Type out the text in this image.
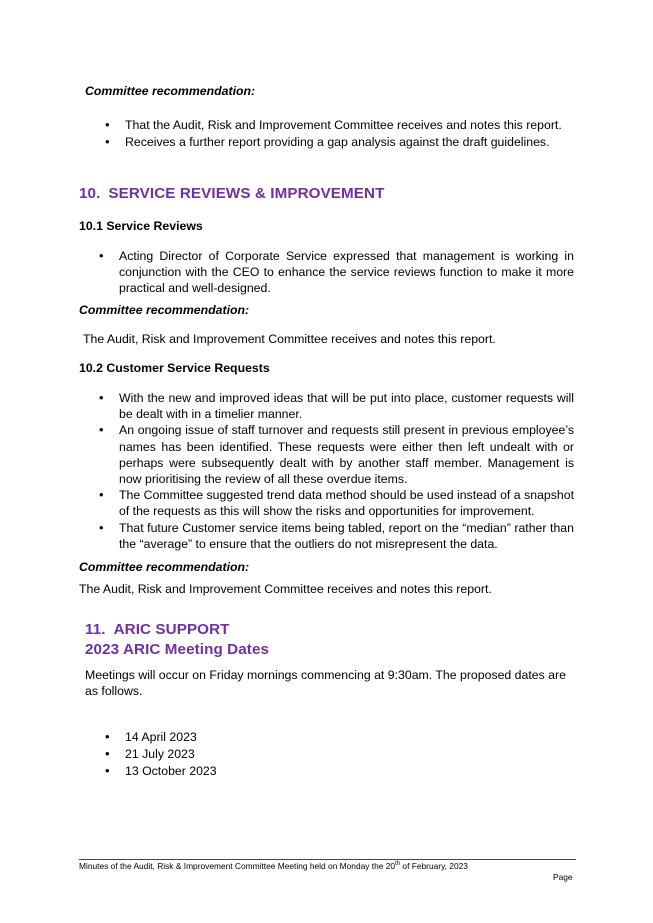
Committee recommendation:
• That the Audit, Risk and Improvement Committee receives and notes this report.
• Receives a further report providing a gap analysis against the draft guidelines.
10. SERVICE REVIEWS & IMPROVEMENT
10.1 Service Reviews
• Acting Director of Corporate Service expressed that management is working in conjunction with the CEO to enhance the service reviews function to make it more practical and well-designed.
Committee recommendation:
The Audit, Risk and Improvement Committee receives and notes this report.
10.2 Customer Service Requests
• With the new and improved ideas that will be put into place, customer requests will be dealt with in a timelier manner.
• An ongoing issue of staff turnover and requests still present in previous employee’s names has been identified. These requests were either then left undealt with or perhaps were subsequently dealt with by another staff member. Management is now prioritising the review of all these overdue items.
• The Committee suggested trend data method should be used instead of a snapshot of the requests as this will show the risks and opportunities for improvement.
• That future Customer service items being tabled, report on the “median” rather than the “average” to ensure that the outliers do not misrepresent the data.
Committee recommendation:
The Audit, Risk and Improvement Committee receives and notes this report.
11. ARIC SUPPORT
2023 ARIC Meeting Dates
Meetings will occur on Friday mornings commencing at 9:30am. The proposed dates are as follows.
• 14 April 2023
• 21 July 2023
• 13 October 2023
Minutes of the Audit, Risk & Improvement Committee Meeting held on Monday the 20th of February, 2023
Page
